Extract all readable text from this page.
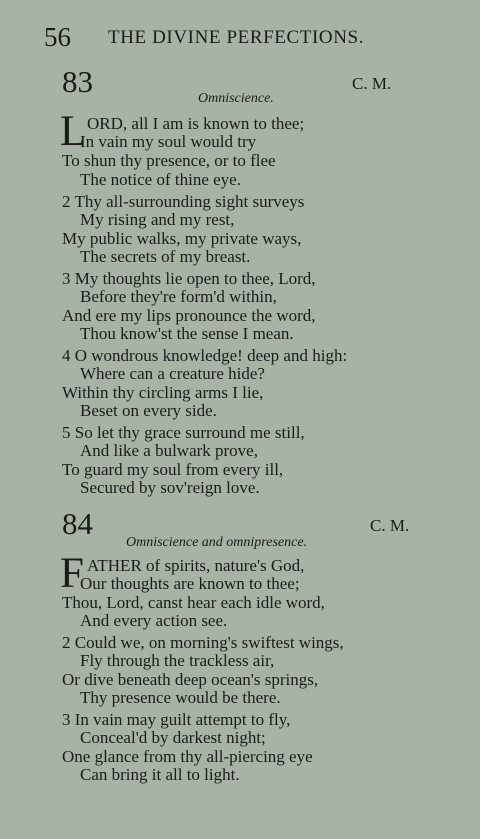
56 THE DIVINE PERFECTIONS.
83	C. M.
Omniscience.
L ORD, all I am is known to thee;
In vain my soul would try
To shun thy presence, or to flee
The notice of thine eye.
2 Thy all-surrounding sight surveys
My rising and my rest,
My public walks, my private ways,
The secrets of my breast.
3 My thoughts lie open to thee, Lord,
Before they're form'd within,
And ere my lips pronounce the word,
Thou know'st the sense I mean.
4 O wondrous knowledge! deep and high:
Where can a creature hide?
Within thy circling arms I lie,
Beset on every side.
5 So let thy grace surround me still,
And like a bulwark prove,
To guard my soul from every ill,
Secured by sov'reign love.
84	C. M.
Omniscience and omnipresence.
F ATHER of spirits, nature's God,
Our thoughts are known to thee;
Thou, Lord, canst hear each idle word,
And every action see.
2 Could we, on morning's swiftest wings,
Fly through the trackless air,
Or dive beneath deep ocean's springs,
Thy presence would be there.
3 In vain may guilt attempt to fly,
Conceal'd by darkest night;
One glance from thy all-piercing eye
Can bring it all to light.
